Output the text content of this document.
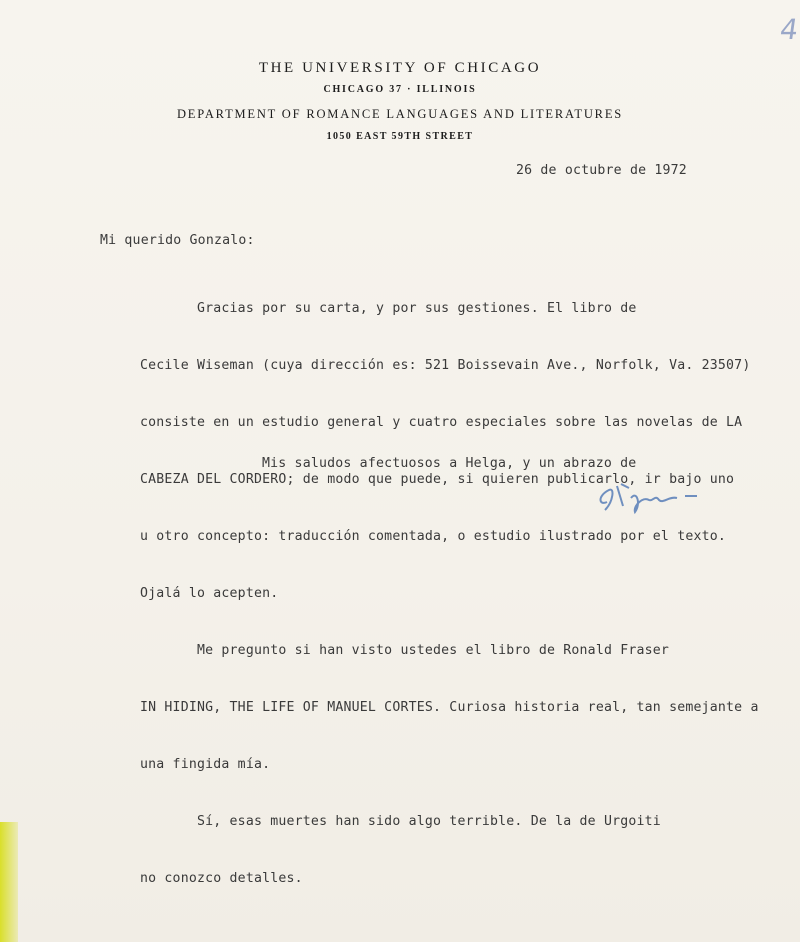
4
THE UNIVERSITY OF CHICAGO
CHICAGO 37 · ILLINOIS
DEPARTMENT OF ROMANCE LANGUAGES AND LITERATURES
1050 EAST 59TH STREET
26 de octubre de 1972
Mi querido Gonzalo:

Gracias por su carta, y por sus gestiones. El libro de

Cecile Wiseman (cuya dirección es: 521 Boissevain Ave., Norfolk, Va. 23507)

consiste en un estudio general y cuatro especiales sobre las novelas de LA

CABEZA DEL CORDERO; de modo que puede, si quieren publicarlo, ir bajo uno

u otro concepto: traducción comentada, o estudio ilustrado por el texto.

Ojalá lo acepten.

Me pregunto si han visto ustedes el libro de Ronald Fraser

IN HIDING, THE LIFE OF MANUEL CORTES. Curiosa historia real, tan semejante a

una fingida mía.

Sí, esas muertes han sido algo terrible. De la de Urgoiti

no conozco detalles.

Mis saludos afectuosos a Helga, y un abrazo de
